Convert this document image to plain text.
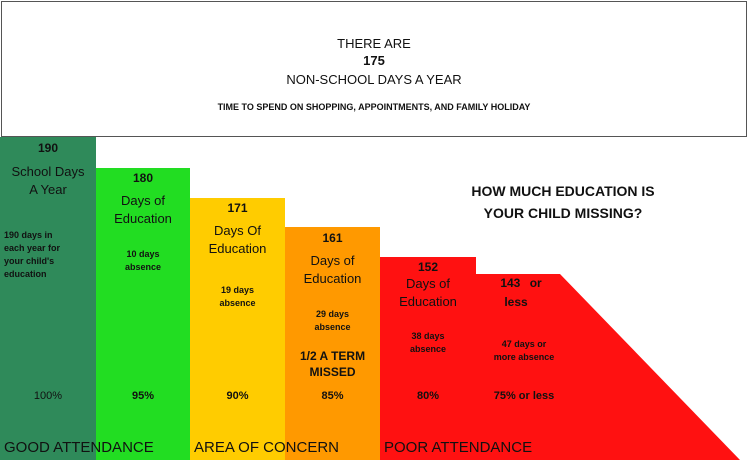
THERE ARE
175
NON-SCHOOL DAYS A YEAR
TIME TO SPEND ON SHOPPING, APPOINTMENTS, AND FAMILY HOLIDAY
HOW MUCH EDUCATION IS
YOUR CHILD MISSING?
190
School Days
A Year
190 days in
each year for
your child's
education
100%
180
Days of
Education
10 days
absence
95%
171
Days Of
Education
19 days
absence
90%
161
Days of
Education
29 days
absence
1/2 A TERM
MISSED
85%
152
Days of
Education
38 days
absence
80%
143 or
less
47 days or
more absence
75% or less
GOOD ATTENDANCE	AREA OF CONCERN	POOR ATTENDANCE
